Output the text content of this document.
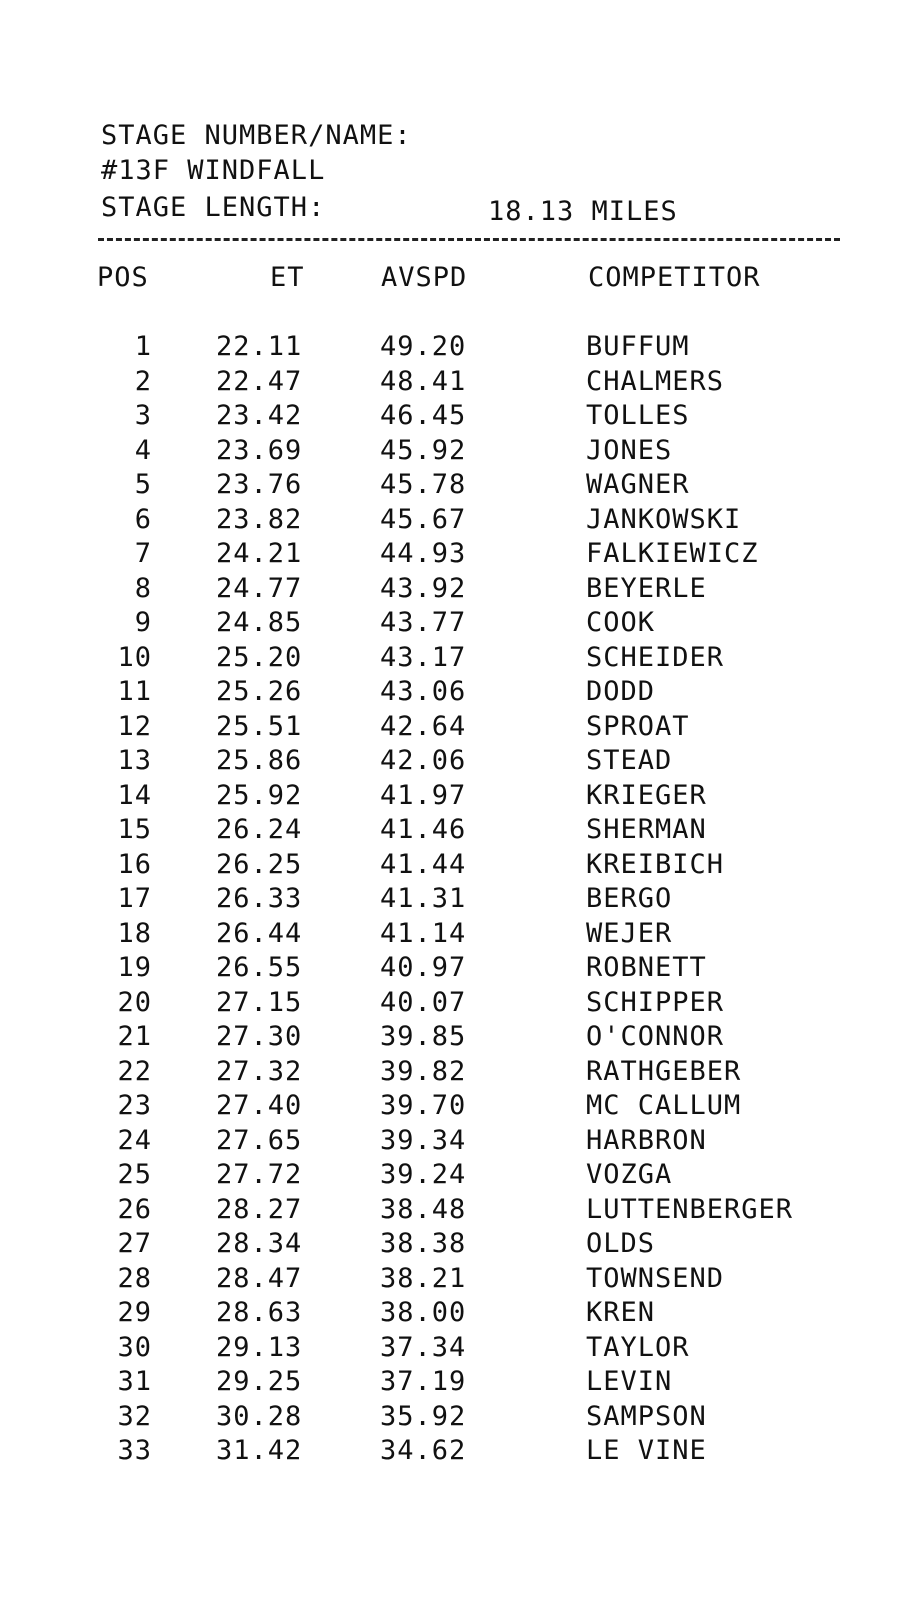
STAGE NUMBER/NAME:
#13F WINDFALL
STAGE LENGTH:	18.13 MILES
POS	ET	AVSPD	COMPETITOR
1 22.11	49.20	BUFFUM
2 22.47	48.41	CHALMERS
3 23.42	46.45	TOLLES
4 23.69	45.92	JONES
5 23.76	45.78	WAGNER
6 23.82	45.67	JANKOWSKI
7 24.21	44.93	FALKIEWICZ
8 24.77	43.92	BEYERLE
9 24.85	43.77	COOK
10 25.20	43.17	SCHEIDER
11 25.26	43.06	DODD
12 25.51	42.64	SPROAT
13 25.86	42.06	STEAD
14 25.92	41.97	KRIEGER
15 26.24	41.46	SHERMAN
16 26.25	41.44	KREIBICH
17 26.33	41.31	BERGO
18 26.44	41.14	WEJER
19 26.55	40.97	ROBNETT
20 27.15	40.07	SCHIPPER
21 27.30	39.85	O'CONNOR
22 27.32	39.82	RATHGEBER
23 27.40	39.70	MC CALLUM
24 27.65	39.34	HARBRON
25 27.72	39.24	VOZGA
26 28.27	38.48	LUTTENBERGER
27 28.34	38.38	OLDS
28 28.47	38.21	TOWNSEND
29 28.63	38.00	KREN
30 29.13	37.34	TAYLOR
31 29.25	37.19	LEVIN
32 30.28	35.92	SAMPSON
33 31.42	34.62	LE VINE
